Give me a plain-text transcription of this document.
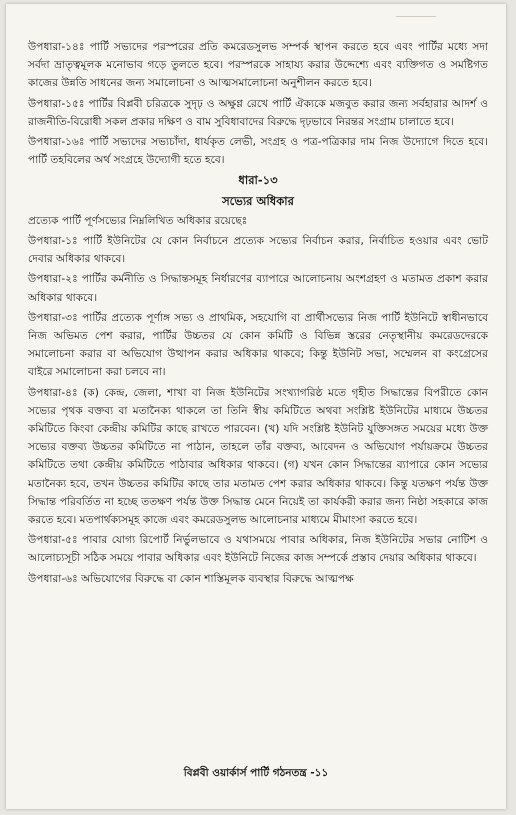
উপধারা-১৪ঃ পার্টি সভ্যদের পরস্পরের প্রতি কমরেডসুলভ সম্পর্ক স্থাপন করতে হবে এবং পার্টির মধ্যে সদা সর্বদা ভ্রাতৃত্বমূলক মনোভাব গড়ে তুলতে হবে। পরস্পরকে সাহায্য করার উদ্দেশ্যে এবং ব্যক্তিগত ও সমষ্টিগত কাজের উন্নতি সাধনের জন্য সমালোচনা ও আত্মসমালোচনা অনুশীলন করতে হবে।

উপধারা-১৫ঃ পার্টির বিপ্লবী চরিত্রকে সুদৃঢ় ও অক্ষুণ্ণ রেখে পার্টি ঐক্যকে মজবুত করার জন্য সর্বহারার আদর্শ ও রাজনীতি-বিরোধী সকল প্রকার দক্ষিণ ও বাম সুবিধাবাদের বিরুদ্ধে দৃঢ়ভাবে নিরন্তর সংগ্রাম চালাতে হবে।

উপধারা-১৬ঃ পার্টি সভ্যদের সভ্যচাঁদা, ধার্যকৃত লেভী, সংগ্রহ ও পত্র-পত্রিকার দাম নিজ উদ্যোগে দিতে হবে। পার্টি তহবিলের অর্থ সংগ্রহে উদ্যোগী হতে হবে।

ধারা-১৩
সভ্যের অধিকার

প্রত্যেক পার্টি পূর্ণসভ্যের নিম্নলিখিত অধিকার রয়েছেঃ

উপধারা-১ঃ পার্টি ইউনিটের যে কোন নির্বাচনে প্রত্যেক সভ্যের নির্বাচন করার, নির্বাচিত হওয়ার এবং ভোট দেবার অধিকার থাকবে।

উপধারা-২ঃ পার্টির কর্মনীতি ও সিদ্ধান্তসমূহ নির্ধারণের ব্যাপারে আলোচনায় অংশগ্রহণ ও মতামত প্রকাশ করার অধিকার থাকবে।

উপধারা-৩ঃ পার্টির প্রত্যেক পূর্ণাঙ্গ সভ্য ও প্রাথমিক, সহযোগি বা প্রার্থীসভ্যের নিজ পার্টি ইউনিটে স্বাধীনভাবে নিজ অভিমত পেশ করার, পার্টির উচ্চতর যে কোন কমিটি ও বিভিন্ন স্তরের নেতৃস্থানীয় কমরেডদেরকে সমালোচনা করার বা অভিযোগ উত্থাপন করার অধিকার থাকবে; কিন্তু ইউনিট সভা, সম্মেলন বা কংগ্রেসের বাইরে সমালোচনা করা চলবে না।

উপধারা-৪ঃ (ক) কেন্দ্র, জেলা, শাখা বা নিজ ইউনিটের সংখ্যাগরিষ্ঠ মতে গৃহীত সিদ্ধান্তের বিপরীতে কোন সভ্যের পৃথক বক্তব্য বা মতানৈক্য থাকলে তা তিনি স্বীয় কমিটিতে অথবা সংশ্লিষ্ট ইউনিটের মাধ্যমে উচ্চতর কমিটিতে কিংবা কেন্দ্রীয় কমিটির কাছে রাখতে পারবেন। (খ) যদি সংশ্লিষ্ট ইউনিট যুক্তিসঙ্গত সময়ের মধ্যে উক্ত সভ্যের বক্তব্য উচ্চতর কমিটিতে না পাঠান, তাহলে তাঁর বক্তব্য, আবেদন ও অভিযোগ পর্যায়ক্রমে উচ্চতর কমিটিতে তথা কেন্দ্রীয় কমিটিতে পাঠাবার অধিকার থাকবে। (গ) যখন কোন সিদ্ধান্তের ব্যাপারে কোন সভ্যের মতানৈক্য হবে, তখন উচ্চতর কমিটির কাছে তার মতামত পেশ করার অধিকার থাকবে। কিন্তু যতক্ষণ পর্যন্ত উক্ত সিদ্ধান্ত পরিবর্তিত না হচ্ছে ততক্ষণ পর্যন্ত উক্ত সিদ্ধান্ত মেনে নিয়েই তা কার্যকরী করার জন্য নিষ্ঠা সহকারে কাজ করতে হবে। মতপার্থক্যসমূহ কাজে এবং কমরেডসুলভ আলোচনার মাধ্যমে মীমাংসা করতে হবে।

উপধারা-৫ঃ পাবার যোগ্য রিপোর্ট নির্ভুলভাবে ও যথাসময়ে পাবার অধিকার, নিজ ইউনিটের সভার নোটিশ ও আলোচ্যসূচী সঠিক সময়ে পাবার অধিকার এবং ইউনিটে নিজের কাজ সম্পর্কে প্রস্তাব দেয়ার অধিকার থাকবে।

উপধারা-৬ঃ অভিযোগের বিরুদ্ধে বা কোন শাস্তিমূলক ব্যবস্থার বিরুদ্ধে আত্মপক্ষ

বিপ্লবী ওয়ার্কার্স পার্টি গঠনতন্ত্র -১১
